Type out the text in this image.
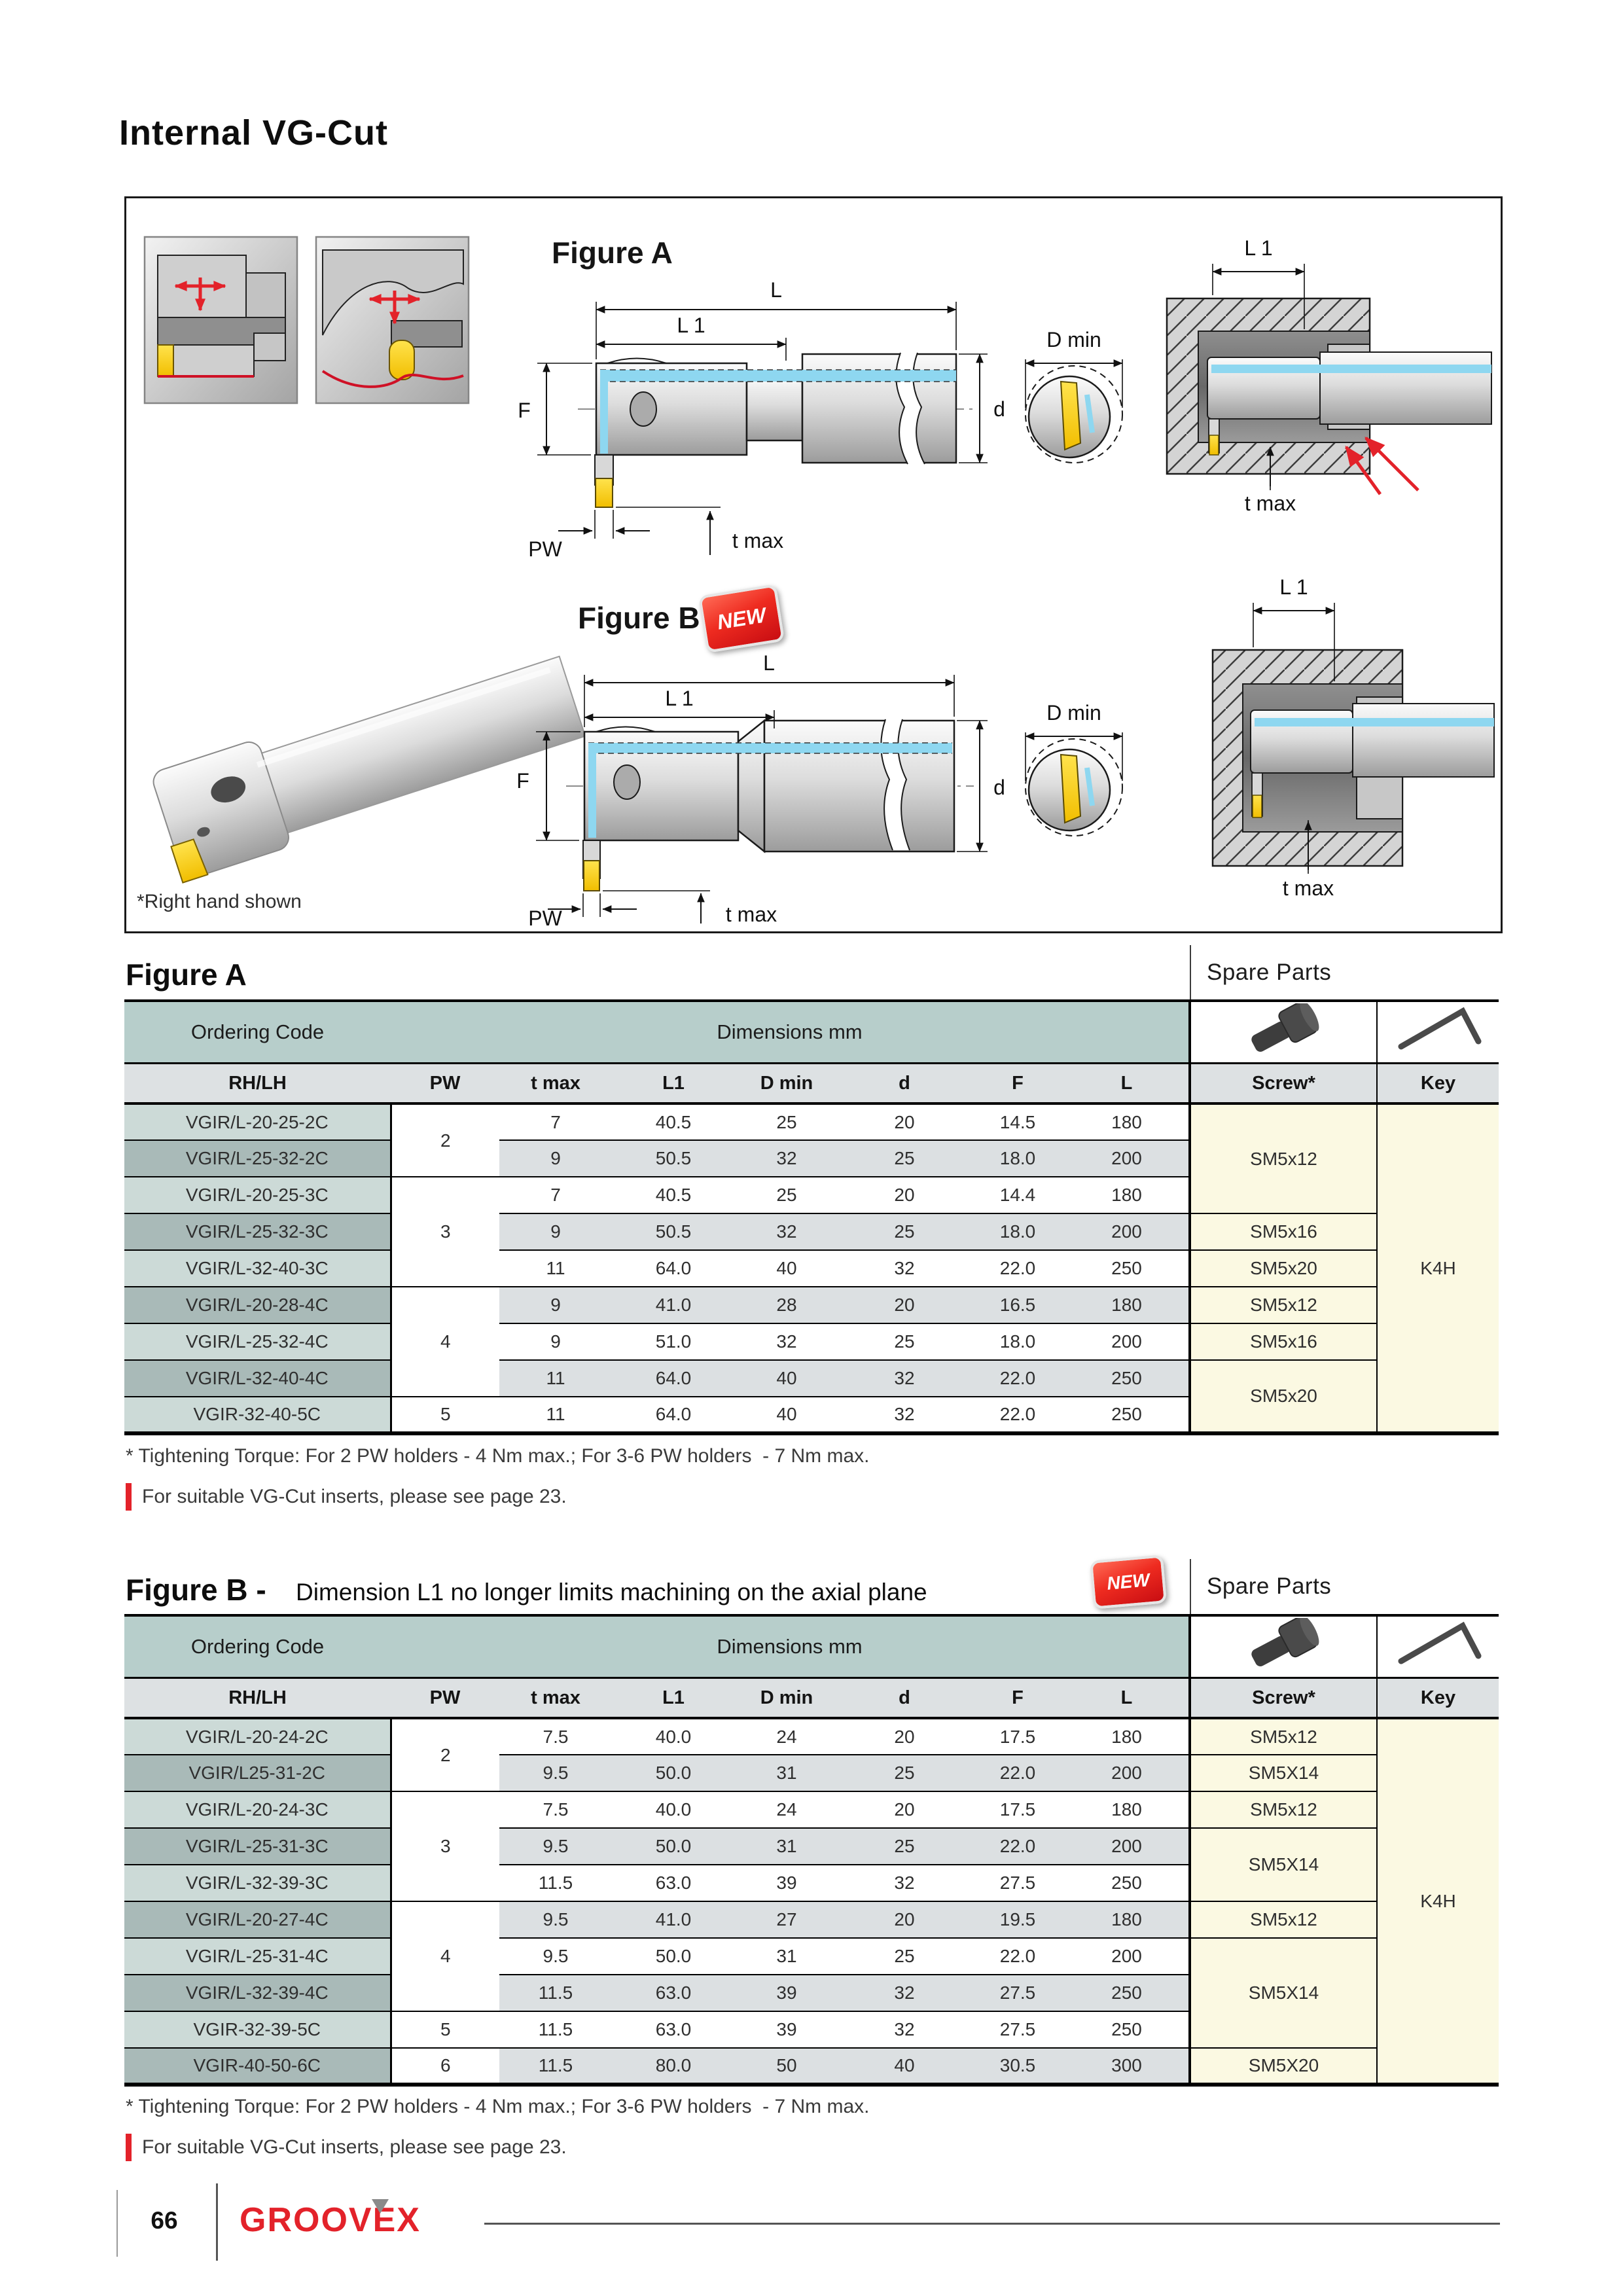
Internal VG-Cut
Figure A
Figure B NEW
L
L 1
F
PW	t max
d
D min
L 1
t max
L
L 1
F
PW	t max
d
D min
L 1
t max
*Right hand shown
Figure A	Spare Parts
Ordering Code	Dimensions mm		
RH/LH	PW	t max	L1	D min	d	F	L	Screw*	Key
VGIR/L-20-25-2C	2	7	40.5	25	20	14.5	180	SM5x12	K4H
VGIR/L-25-32-2C		9	50.5	32	25	18.0	200		
VGIR/L-20-25-3C	3	7	40.5	25	20	14.4	180		
VGIR/L-25-32-3C		9	50.5	32	25	18.0	200	SM5x16	
VGIR/L-32-40-3C		11	64.0	40	32	22.0	250	SM5x20	
VGIR/L-20-28-4C	4	9	41.0	28	20	16.5	180	SM5x12	
VGIR/L-25-32-4C		9	51.0	32	25	18.0	200	SM5x16	
VGIR/L-32-40-4C		11	64.0	40	32	22.0	250	SM5x20	
VGIR-32-40-5C	5	11	64.0	40	32	22.0	250		
* Tightening Torque: For 2 PW holders - 4 Nm max.; For 3-6 PW holders  - 7 Nm max.
For suitable VG-Cut inserts, please see page 23.
Figure B - Dimension L1 no longer limits machining on the axial plane	NEW Spare Parts
Ordering Code	Dimensions mm		
RH/LH	PW	t max	L1	D min	d	F	L	Screw*	Key
VGIR/L-20-24-2C	2	7.5	40.0	24	20	17.5	180	SM5x12	K4H
VGIR/L25-31-2C		9.5	50.0	31	25	22.0	200	SM5X14	
VGIR/L-20-24-3C	3	7.5	40.0	24	20	17.5	180	SM5x12	
VGIR/L-25-31-3C		9.5	50.0	31	25	22.0	200	SM5X14	
VGIR/L-32-39-3C		11.5	63.0	39	32	27.5	250		
VGIR/L-20-27-4C	4	9.5	41.0	27	20	19.5	180	SM5x12	
VGIR/L-25-31-4C		9.5	50.0	31	25	22.0	200	SM5X14	
VGIR/L-32-39-4C		11.5	63.0	39	32	27.5	250		
VGIR-32-39-5C	5	11.5	63.0	39	32	27.5	250		
VGIR-40-50-6C	6	11.5	80.0	50	40	30.5	300	SM5X20	
* Tightening Torque: For 2 PW holders - 4 Nm max.; For 3-6 PW holders  - 7 Nm max.
For suitable VG-Cut inserts, please see page 23.
66	GROOVEX
